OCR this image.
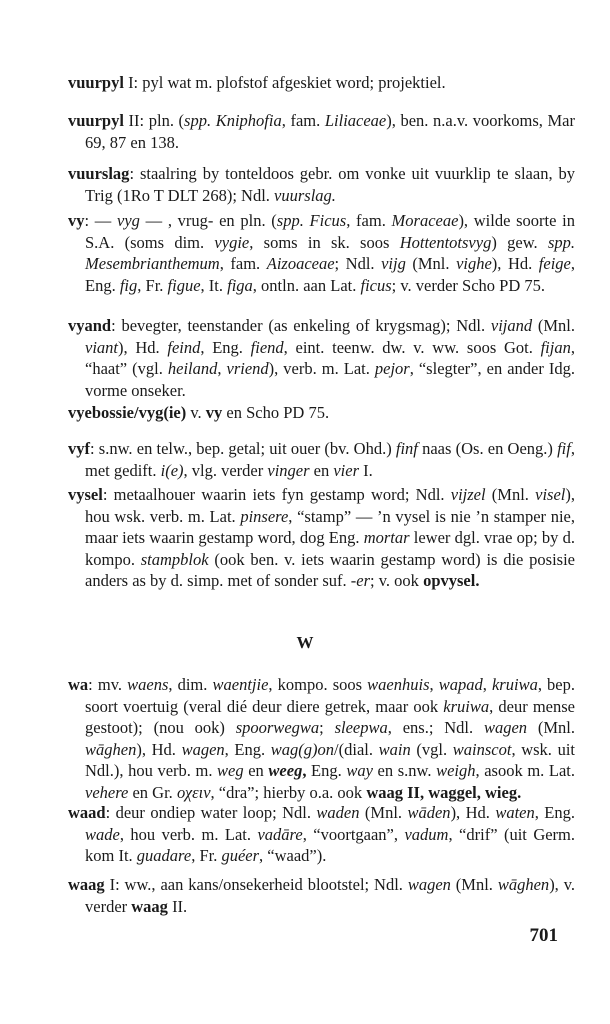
vuurpyl I: pyl wat m. plofstof afgeskiet word; projektiel.
vuurpyl II: pln. (spp. Kniphofia, fam. Liliaceae), ben. n.a.v. voorkoms, Mar 69, 87 en 138.
vuurslag: staalring by tonteldoos gebr. om vonke uit vuurklip te slaan, by Trig (1Ro T DLT 268); Ndl. vuurslag.
vy: — vyg — , vrug- en pln. (spp. Ficus, fam. Moraceae), wilde soorte in S.A. (soms dim. vygie, soms in sk. soos Hottentotsvyg) gew. spp. Mesembrianthemum, fam. Aizoaceae; Ndl. vijg (Mnl. vighe), Hd. feige, Eng. fig, Fr. figue, It. figa, ontln. aan Lat. ficus; v. verder Scho PD 75.
vyand: bevegter, teenstander (as enkeling of krygsmag); Ndl. vijand (Mnl. viant), Hd. feind, Eng. fiend, eint. teenw. dw. v. ww. soos Got. fijan, “haat” (vgl. heiland, vriend), verb. m. Lat. pejor, “slegter”, en ander Idg. vorme onseker.
vyebossie/vyg(ie) v. vy en Scho PD 75.
vyf: s.nw. en telw., bep. getal; uit ouer (bv. Ohd.) finf naas (Os. en Oeng.) fif, met gedift. i(e), vlg. verder vinger en vier I.
vysel: metaalhouer waarin iets fyn gestamp word; Ndl. vijzel (Mnl. visel), hou wsk. verb. m. Lat. pinsere, “stamp” — ’n vysel is nie ’n stamper nie, maar iets waarin gestamp word, dog Eng. mortar lewer dgl. vrae op; by d. kompo. stampblok (ook ben. v. iets waarin gestamp word) is die posisie anders as by d. simp. met of sonder suf. -er; v. ook opvysel.
W
wa: mv. waens, dim. waentjie, kompo. soos waenhuis, wapad, kruiwa, bep. soort voertuig (veral dié deur diere getrek, maar ook kruiwa, deur mense gestoot); (nou ook) spoorwegwa; sleepwa, ens.; Ndl. wagen (Mnl. wāghen), Hd. wagen, Eng. wag(g)on/(dial. wain (vgl. wainscot, wsk. uit Ndl.), hou verb. m. weg en weeg, Eng. way en s.nw. weigh, asook m. Lat. vehere en Gr. οχειν, “dra”; hierby o.a. ook waag II, waggel, wieg.
waad: deur ondiep water loop; Ndl. waden (Mnl. wāden), Hd. waten, Eng. wade, hou verb. m. Lat. vadāre, “voortgaan”, vadum, “drif” (uit Germ. kom It. guadare, Fr. guéer, “waad”).
waag I: ww., aan kans/onsekerheid blootstel; Ndl. wagen (Mnl. wāghen), v. verder waag II.
701
